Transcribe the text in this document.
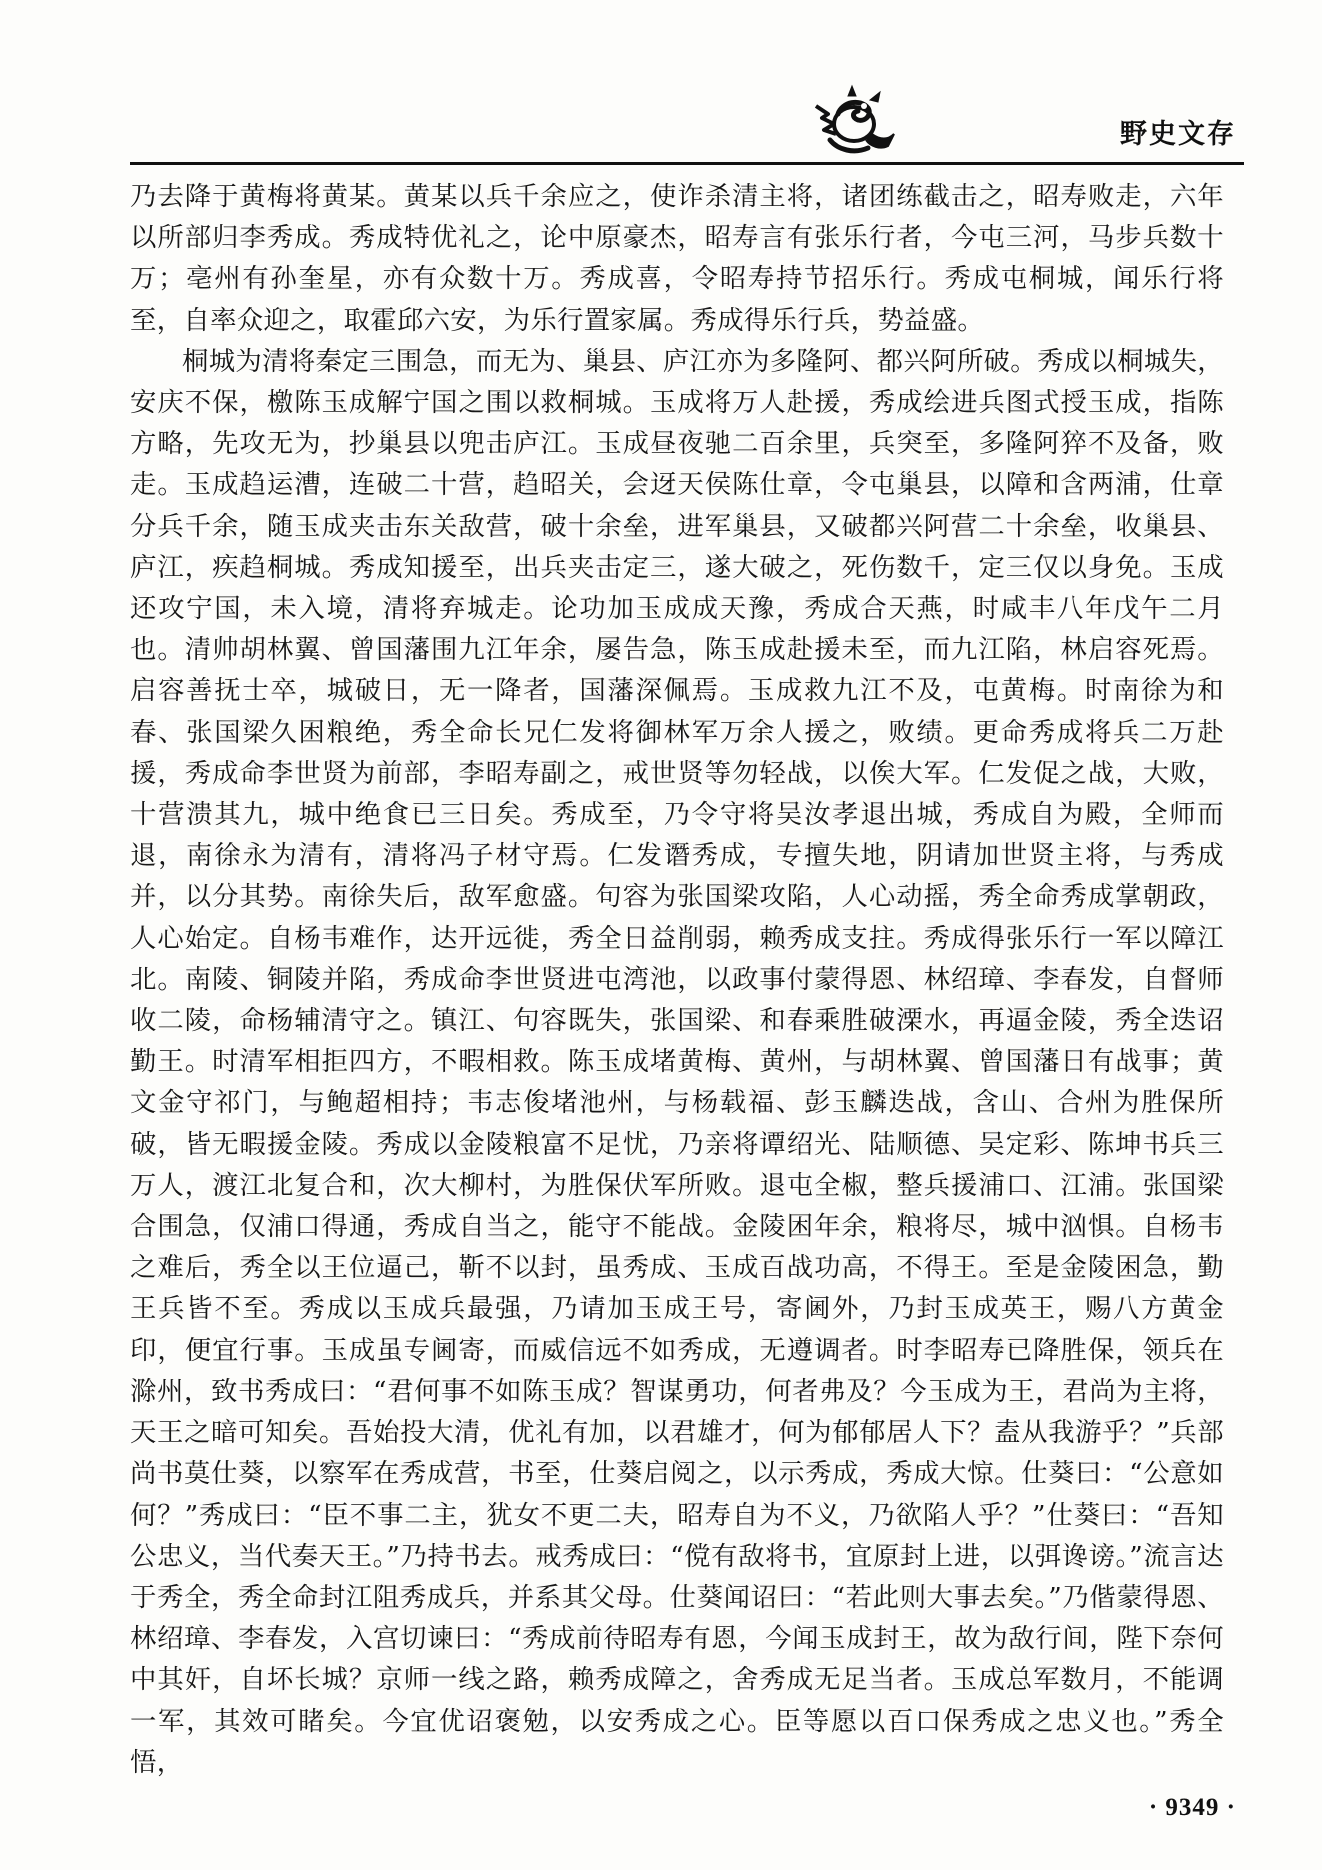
野史文存

乃去降于黄梅将黄某。黄某以兵千余应之，使诈杀清主将，诸团练截击之，昭寿败走，六年以所部归李秀成。秀成特优礼之，论中原豪杰，昭寿言有张乐行者，今屯三河，马步兵数十万；亳州有孙奎星，亦有众数十万。秀成喜，令昭寿持节招乐行。秀成屯桐城，闻乐行将至，自率众迎之，取霍邱六安，为乐行置家属。秀成得乐行兵，势益盛。

桐城为清将秦定三围急，而无为、巢县、庐江亦为多隆阿、都兴阿所破。秀成以桐城失，安庆不保，檄陈玉成解宁国之围以救桐城。玉成将万人赴援，秀成绘进兵图式授玉成，指陈方略，先攻无为，抄巢县以兜击庐江。玉成昼夜驰二百余里，兵突至，多隆阿猝不及备，败走。玉成趋运漕，连破二十营，趋昭关，会迓天侯陈仕章，令屯巢县，以障和含两浦，仕章分兵千余，随玉成夹击东关敌营，破十余垒，进军巢县，又破都兴阿营二十余垒，收巢县、庐江，疾趋桐城。秀成知援至，出兵夹击定三，遂大破之，死伤数千，定三仅以身免。玉成还攻宁国，未入境，清将弃城走。论功加玉成成天豫，秀成合天燕，时咸丰八年戊午二月也。清帅胡林翼、曾国藩围九江年余，屡告急，陈玉成赴援未至，而九江陷，林启容死焉。启容善抚士卒，城破日，无一降者，国藩深佩焉。玉成救九江不及，屯黄梅。时南徐为和春、张国梁久困粮绝，秀全命长兄仁发将御林军万余人援之，败绩。更命秀成将兵二万赴援，秀成命李世贤为前部，李昭寿副之，戒世贤等勿轻战，以俟大军。仁发促之战，大败，十营溃其九，城中绝食已三日矣。秀成至，乃令守将吴汝孝退出城，秀成自为殿，全师而退，南徐永为清有，清将冯子材守焉。仁发谮秀成，专擅失地，阴请加世贤主将，与秀成并，以分其势。南徐失后，敌军愈盛。句容为张国梁攻陷，人心动摇，秀全命秀成掌朝政，人心始定。自杨韦难作，达开远徙，秀全日益削弱，赖秀成支拄。秀成得张乐行一军以障江北。南陵、铜陵并陷，秀成命李世贤进屯湾池，以政事付蒙得恩、林绍璋、李春发，自督师收二陵，命杨辅清守之。镇江、句容既失，张国梁、和春乘胜破溧水，再逼金陵，秀全迭诏勤王。时清军相拒四方，不暇相救。陈玉成堵黄梅、黄州，与胡林翼、曾国藩日有战事；黄文金守祁门，与鲍超相持；韦志俊堵池州，与杨载福、彭玉麟迭战，含山、合州为胜保所破，皆无暇援金陵。秀成以金陵粮富不足忧，乃亲将谭绍光、陆顺德、吴定彩、陈坤书兵三万人，渡江北复合和，次大柳村，为胜保伏军所败。退屯全椒，整兵援浦口、江浦。张国梁合围急，仅浦口得通，秀成自当之，能守不能战。金陵困年余，粮将尽，城中汹惧。自杨韦之难后，秀全以王位逼己，靳不以封，虽秀成、玉成百战功高，不得王。至是金陵困急，勤王兵皆不至。秀成以玉成兵最强，乃请加玉成王号，寄阃外，乃封玉成英王，赐八方黄金印，便宜行事。玉成虽专阃寄，而威信远不如秀成，无遵调者。时李昭寿已降胜保，领兵在滁州，致书秀成曰：“君何事不如陈玉成？智谋勇功，何者弗及？今玉成为王，君尚为主将，天王之暗可知矣。吾始投大清，优礼有加，以君雄才，何为郁郁居人下？盍从我游乎？”兵部尚书莫仕葵，以察军在秀成营，书至，仕葵启阅之，以示秀成，秀成大惊。仕葵曰：“公意如何？”秀成曰：“臣不事二主，犹女不更二夫，昭寿自为不义，乃欲陷人乎？”仕葵曰：“吾知公忠义，当代奏天王。”乃持书去。戒秀成曰：“傥有敌将书，宜原封上进，以弭谗谤。”流言达于秀全，秀全命封江阻秀成兵，并系其父母。仕葵闻诏曰：“若此则大事去矣。”乃偕蒙得恩、林绍璋、李春发，入宫切谏曰：“秀成前待昭寿有恩，今闻玉成封王，故为敌行间，陛下奈何中其奸，自坏长城？京师一线之路，赖秀成障之，舍秀成无足当者。玉成总军数月，不能调一军，其效可睹矣。今宜优诏褒勉，以安秀成之心。臣等愿以百口保秀成之忠义也。”秀全悟，

· 9349 ·
